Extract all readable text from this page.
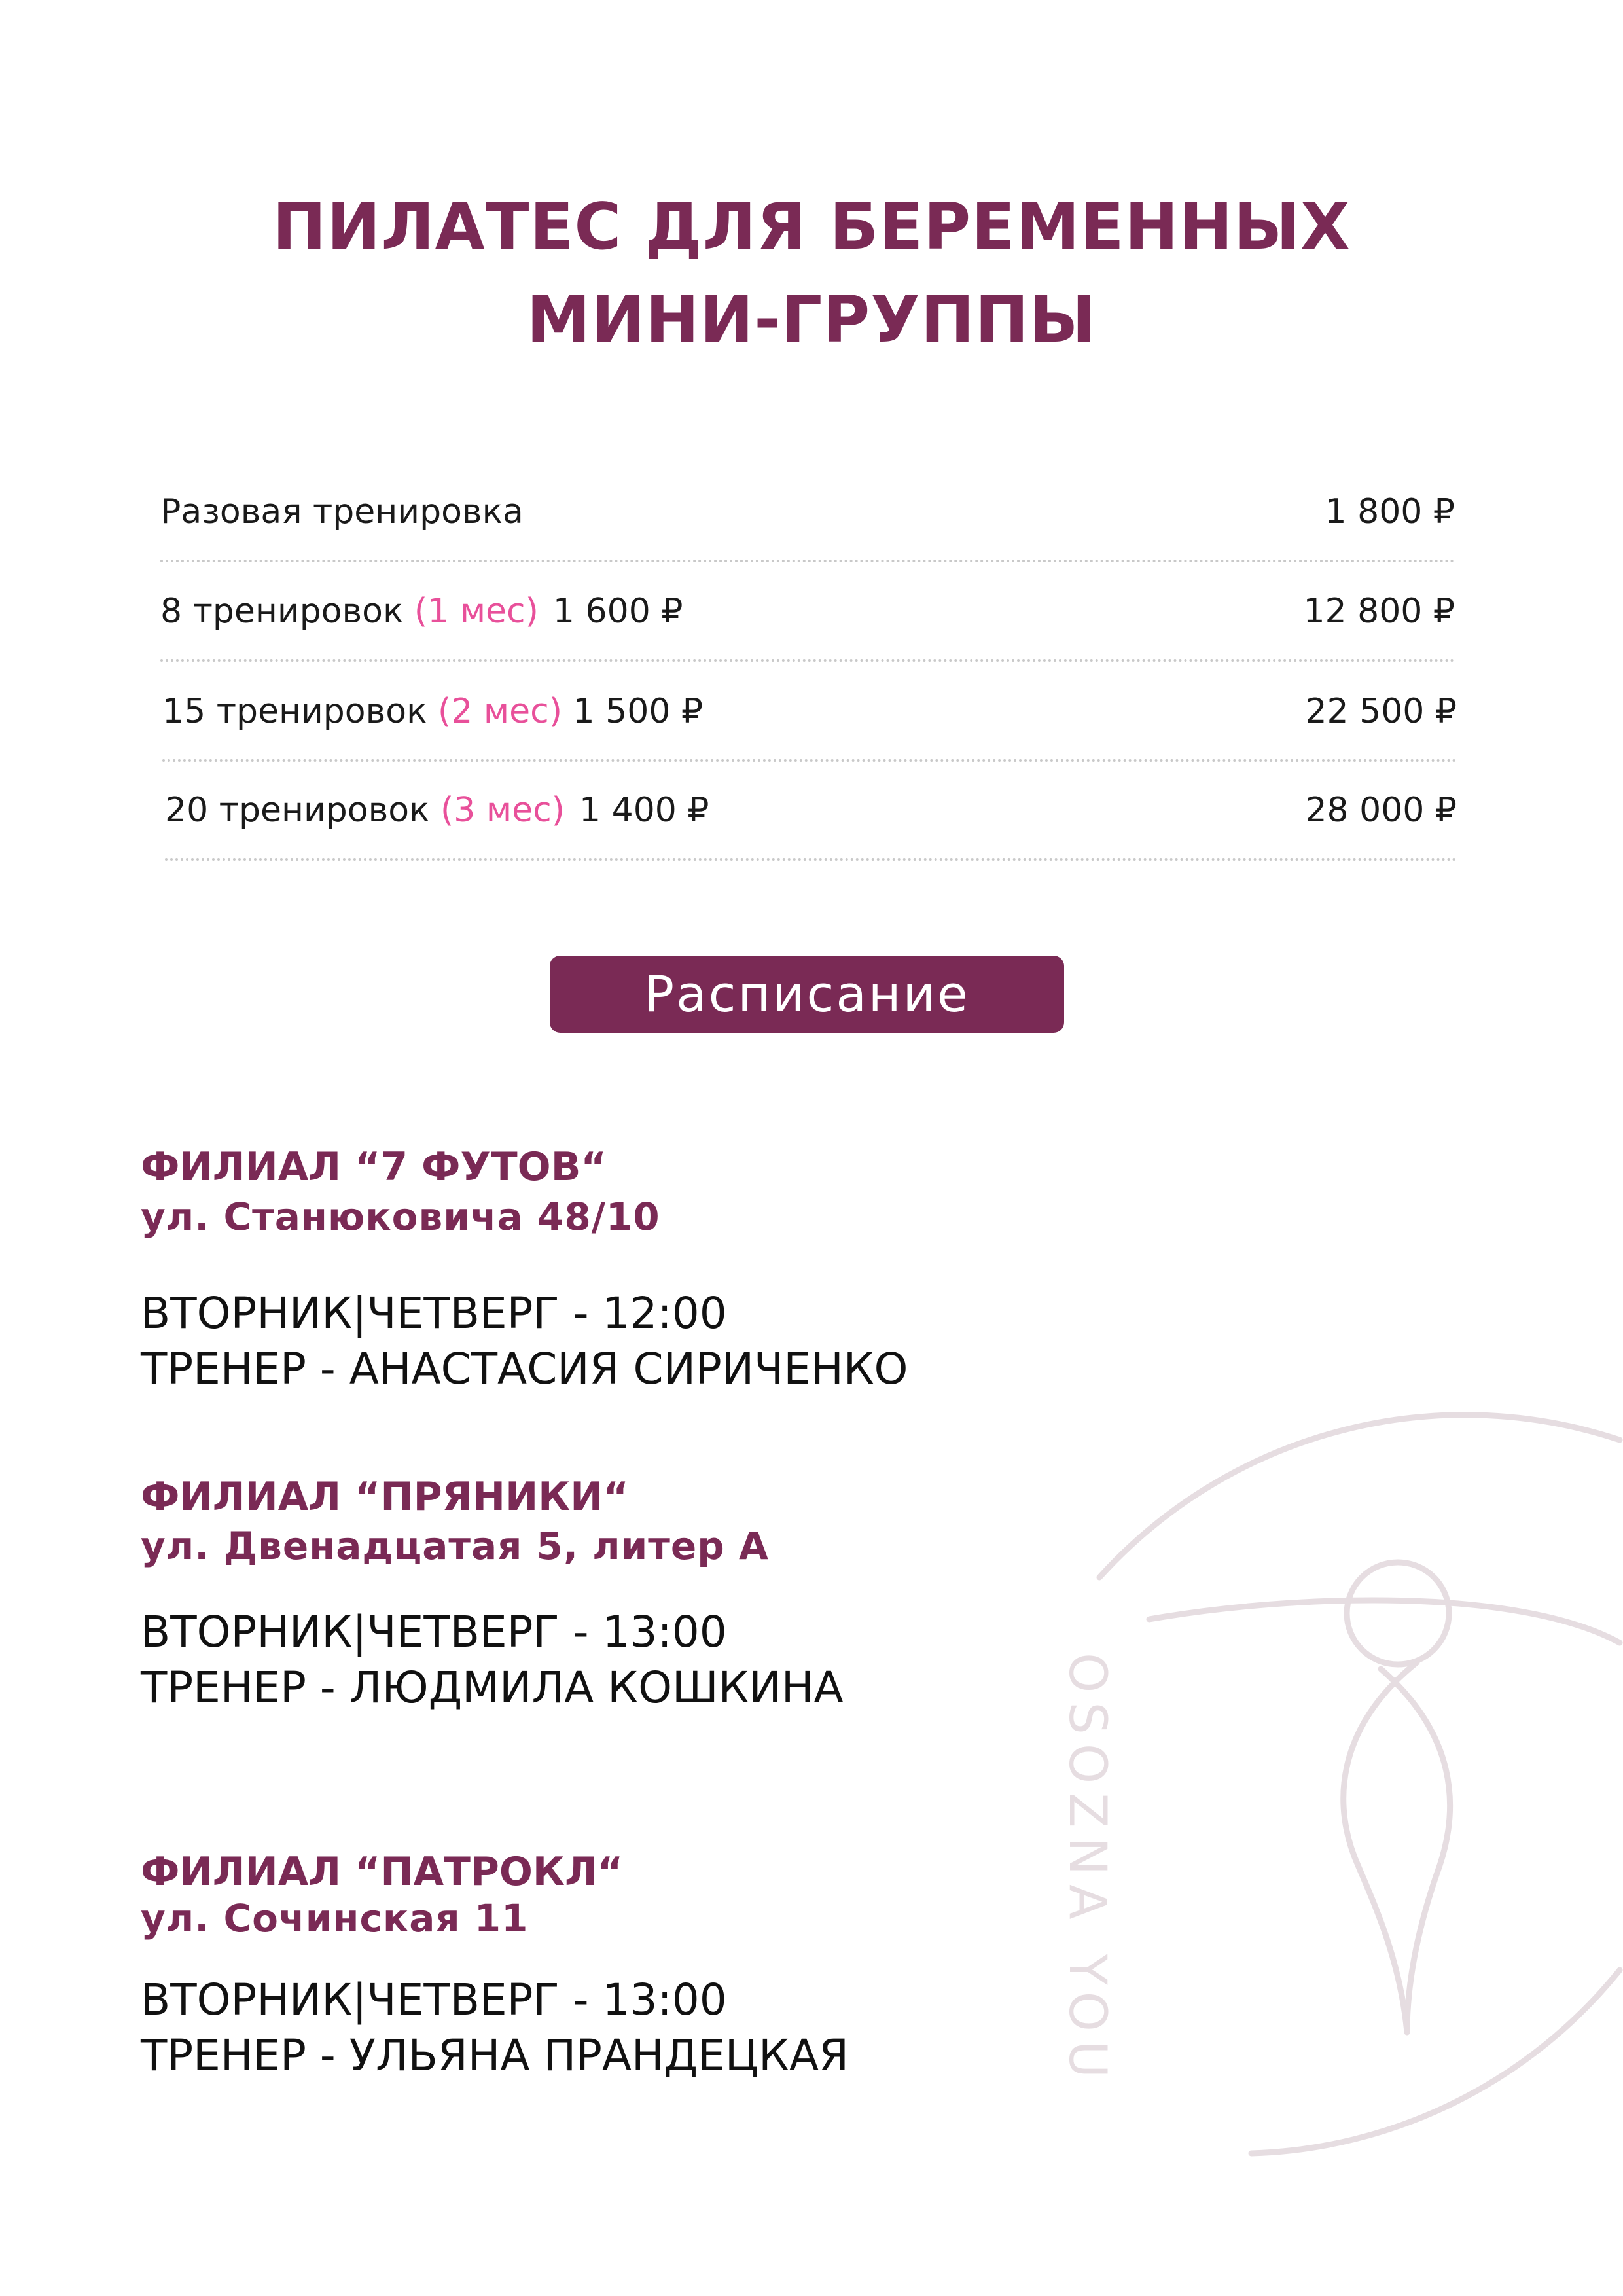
ПИЛАТЕС ДЛЯ БЕРЕМЕННЫХ
МИНИ-ГРУППЫ
Разовая тренировка	1 800 ₽
8 тренировок (1 мес) 1 600 ₽	12 800 ₽
15 тренировок (2 мес) 1 500 ₽	22 500 ₽
20 тренировок (3 мес) 1 400 ₽	28 000 ₽
Расписание
OSOZNA YOU
ФИЛИАЛ “7 ФУТОВ“
ул. Станюковича 48/10
ВТОРНИК|ЧЕТВЕРГ - 12:00
ТРЕНЕР - АНАСТАСИЯ СИРИЧЕНКО
ФИЛИАЛ “ПРЯНИКИ“
ул. Двенадцатая 5, литер А
ВТОРНИК|ЧЕТВЕРГ - 13:00
ТРЕНЕР - ЛЮДМИЛА КОШКИНА
ФИЛИАЛ “ПАТРОКЛ“
ул. Сочинская 11
ВТОРНИК|ЧЕТВЕРГ - 13:00
ТРЕНЕР - УЛЬЯНА ПРАНДЕЦКАЯ
